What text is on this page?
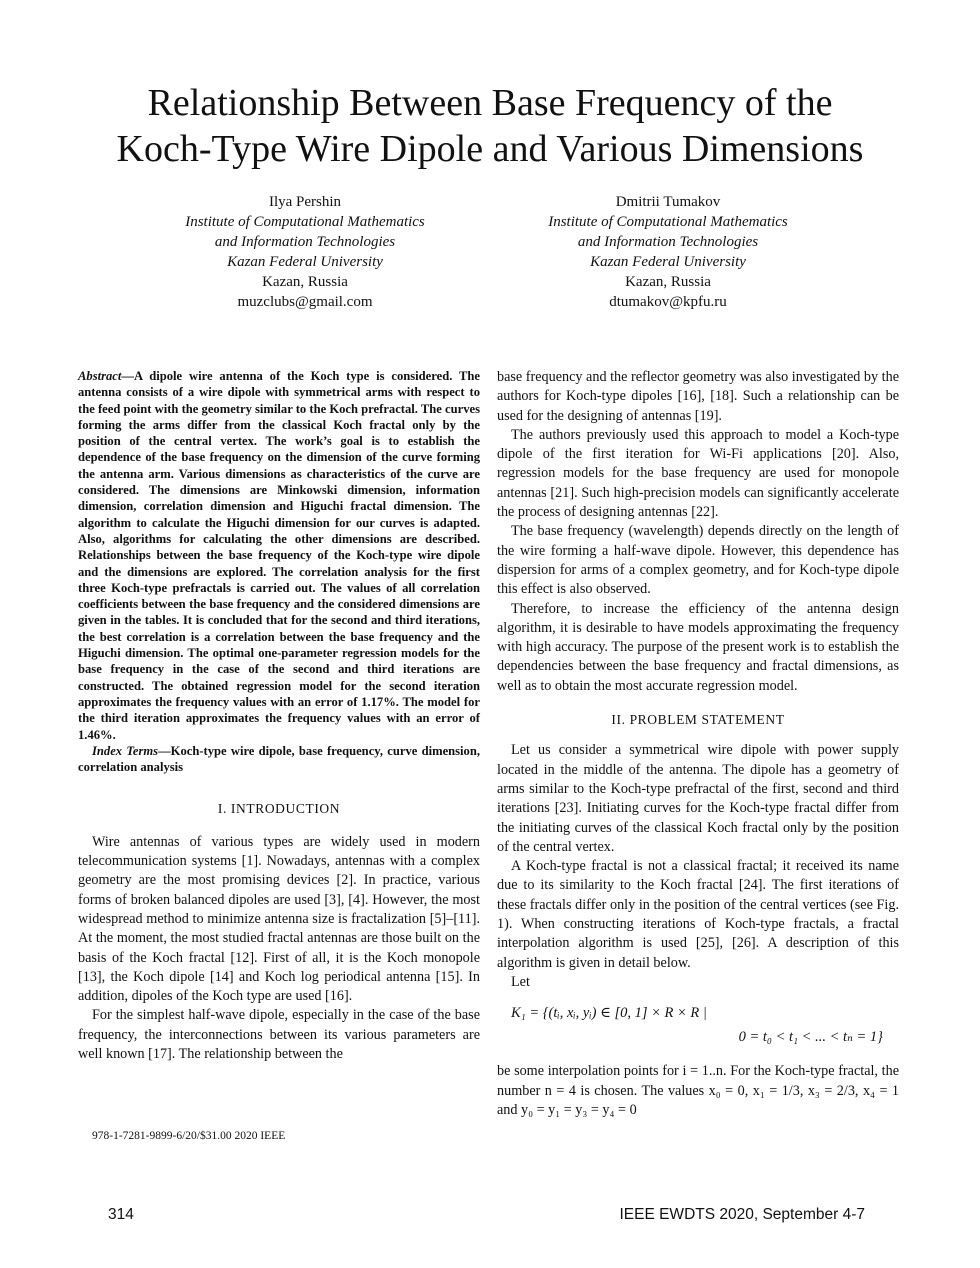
Relationship Between Base Frequency of the
Koch-Type Wire Dipole and Various Dimensions
Ilya Pershin
Institute of Computational Mathematics
and Information Technologies
Kazan Federal University
Kazan, Russia
muzclubs@gmail.com
Dmitrii Tumakov
Institute of Computational Mathematics
and Information Technologies
Kazan Federal University
Kazan, Russia
dtumakov@kpfu.ru

Abstract—A dipole wire antenna of the Koch type is considered. The antenna consists of a wire dipole with symmetrical arms with respect to the feed point with the geometry similar to the Koch prefractal. The curves forming the arms differ from the classical Koch fractal only by the position of the central vertex. The work’s goal is to establish the dependence of the base frequency on the dimension of the curve forming the antenna arm. Various dimensions as characteristics of the curve are considered. The dimensions are Minkowski dimension, information dimension, correlation dimension and Higuchi fractal dimension. The algorithm to calculate the Higuchi dimension for our curves is adapted. Also, algorithms for calculating the other dimensions are described. Relationships between the base frequency of the Koch-type wire dipole and the dimensions are explored. The correlation analysis for the first three Koch-type prefractals is carried out. The values of all correlation coefficients between the base frequency and the considered dimensions are given in the tables. It is concluded that for the second and third iterations, the best correlation is a correlation between the base frequency and the Higuchi dimension. The optimal one-parameter regression models for the base frequency in the case of the second and third iterations are constructed. The obtained regression model for the second iteration approximates the frequency values with an error of 1.17%. The model for the third iteration approximates the frequency values with an error of 1.46%.

Index Terms—Koch-type wire dipole, base frequency, curve dimension, correlation analysis

I. INTRODUCTION

Wire antennas of various types are widely used in modern telecommunication systems [1]. Nowadays, antennas with a complex geometry are the most promising devices [2]. In practice, various forms of broken balanced dipoles are used [3], [4]. However, the most widespread method to minimize antenna size is fractalization [5]–[11]. At the moment, the most studied fractal antennas are those built on the basis of the Koch fractal [12]. First of all, it is the Koch monopole [13], the Koch dipole [14] and Koch log periodical antenna [15]. In addition, dipoles of the Koch type are used [16].

For the simplest half-wave dipole, especially in the case of the base frequency, the interconnections between its various parameters are well known [17]. The relationship between the

base frequency and the reflector geometry was also investigated by the authors for Koch-type dipoles [16], [18]. Such a relationship can be used for the designing of antennas [19].

The authors previously used this approach to model a Koch-type dipole of the first iteration for Wi-Fi applications [20]. Also, regression models for the base frequency are used for monopole antennas [21]. Such high-precision models can significantly accelerate the process of designing antennas [22].

The base frequency (wavelength) depends directly on the length of the wire forming a half-wave dipole. However, this dependence has dispersion for arms of a complex geometry, and for Koch-type dipole this effect is also observed.

Therefore, to increase the efficiency of the antenna design algorithm, it is desirable to have models approximating the frequency with high accuracy. The purpose of the present work is to establish the dependencies between the base frequency and fractal dimensions, as well as to obtain the most accurate regression model.

II. PROBLEM STATEMENT

Let us consider a symmetrical wire dipole with power supply located in the middle of the antenna. The dipole has a geometry of arms similar to the Koch-type prefractal of the first, second and third iterations [23]. Initiating curves for the Koch-type fractal differ from the initiating curves of the classical Koch fractal only by the position of the central vertex.

A Koch-type fractal is not a classical fractal; it received its name due to its similarity to the Koch fractal [24]. The first iterations of these fractals differ only in the position of the central vertices (see Fig. 1). When constructing iterations of Koch-type fractals, a fractal interpolation algorithm is used [25], [26]. A description of this algorithm is given in detail below.

Let

K₁ = {(tᵢ, xᵢ, yᵢ) ∈ [0, 1] × R × R |
0 = t₀ < t₁ < ... < tₙ = 1}

be some interpolation points for i = 1..n. For the Koch-type fractal, the number n = 4 is chosen. The values x₀ = 0, x₁ = 1/3, x₃ = 2/3, x₄ = 1 and y₀ = y₁ = y₃ = y₄ = 0

978-1-7281-9899-6/20/$31.00 2020 IEEE
314	IEEE EWDTS 2020, September 4-7
